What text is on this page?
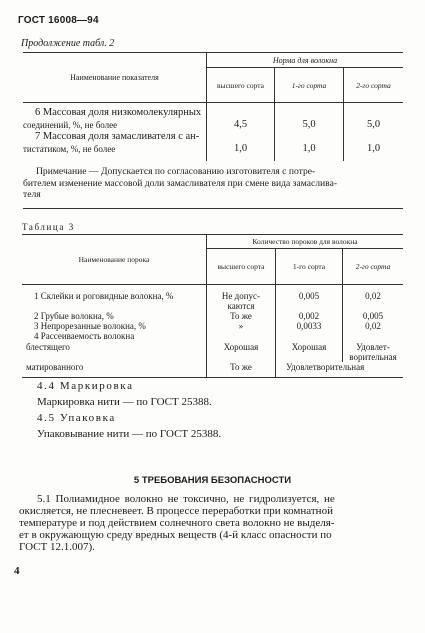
ГОСТ 16008—94
Продолжение табл. 2
Наименование показателя	Норма для волокна		
	высшего сорта	1-го сорта	2-го сорта

6 Массовая доля низкомолекулярных
соединений, %, не более	4,5	5,0	5,0

7 Массовая доля замасливателя с ан-
тистатиком, %, не более	1,0	1,0	1,0

Примечание — Допускается по согласованию изготовителя с потре-
бителем изменение массовой доли замасливателя при смене вида замасливa-
теля			
Таблица 3
Наименование порока	Количество пороков для волокна		
	высшего сорта	1-го сорта	2-го сорта
1 Склейки и роговидные волокна, %	Не допус-
каются	0,005	0,02
2 Грубые волокна, %	То же	0,002	0,005
3 Непрорезанные волокна, %	»	0,0033	0,02
4 Рассеиваемость волокна			
блестящего	Хорошая	Хорошая	Удовлет-
ворительная

матированного	То же	Удовлетворительная	
4.4 Маркировка
Маркировка нити — по ГОСТ 25388.
4.5 Упаковка
Упаковывание нити — по ГОСТ 25388.
5 ТРЕБОВАНИЯ БЕЗОПАСНОСТИ
5.1 Полиамидное волокно не токсично, не гидролизуется, не
окисляется, не плесневеет. В процессе переработки при комнатной
температуре и под действием солнечного света волокно не выделя-
ет в окружающую среду вредных веществ (4-й класс опасности по
ГОСТ 12.1.007).
4
